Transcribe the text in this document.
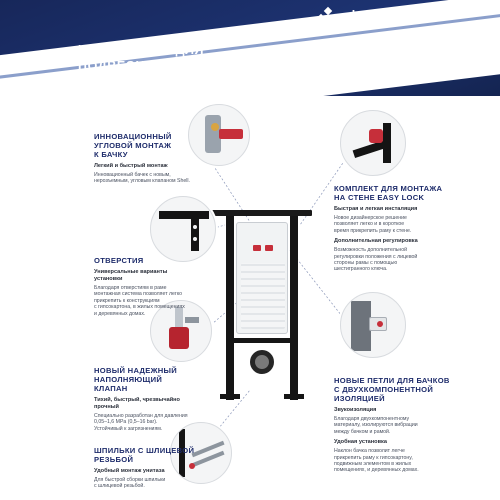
deante
ИНСТАЛЯЦИЯ ДЛЯ
ПОДВЕСНОГО УНИТАЗА
ИННОВАЦИОННЫЙ
УГЛОВОЙ МОНТАЖ
К БАЧКУ
Легкий и быстрый монтаж
Инновационный бачек с новым,
нерозъемным, угловым клапаном Shell.
ОТВЕРСТИЯ
Универсальные варианты установки
Благодаря отверстиям в раме
монтажная система позволяет легко
прикрепить к конструкциям
с гипсокартона, в жилых помещениях
и деревянных домах.
НОВЫЙ НАДЕЖНЫЙ
НАПОЛНЯЮЩИЙ КЛАПАН
Тихий, быстрый, чрезвычайно прочный
Специально разработан для давления
0,05–1,6 MPa (0,5–16 bar).
Устойчивый к загрязнениям.
ШПИЛЬКИ С ШЛИЦЕВОЙ
РЕЗЬБОЙ
Удобный монтаж унитаза
Для быстрой сборки шпильки
с шлицевой резьбой.
КОМПЛЕКТ ДЛЯ МОНТАЖА
НА СТЕНЕ EASY LOCK
Быстрая и легкая инсталяция
Новое дизайнерское решение
позволяет легко и в короткое
время прикрепить раму к стене.
Дополнительная регулировка
Возможность дополнительной
регулировки положения с лицевой
стороны рамы с помощью
шестигранного ключа.
НОВЫЕ ПЕТЛИ ДЛЯ БАЧКОВ
С ДВУХКОМПОНЕНТНОЙ
ИЗОЛЯЦИЕЙ
Звукоизоляция
Благодаря двухкомпонентному
материалу, изолируются вибрации
между бачком и рамой.
Удобная установка
Наклон бачка позволит легче
прикрепить раму к гипсокартону,
подвижным элементом в жилых
помещениях, и деревянных домах.
